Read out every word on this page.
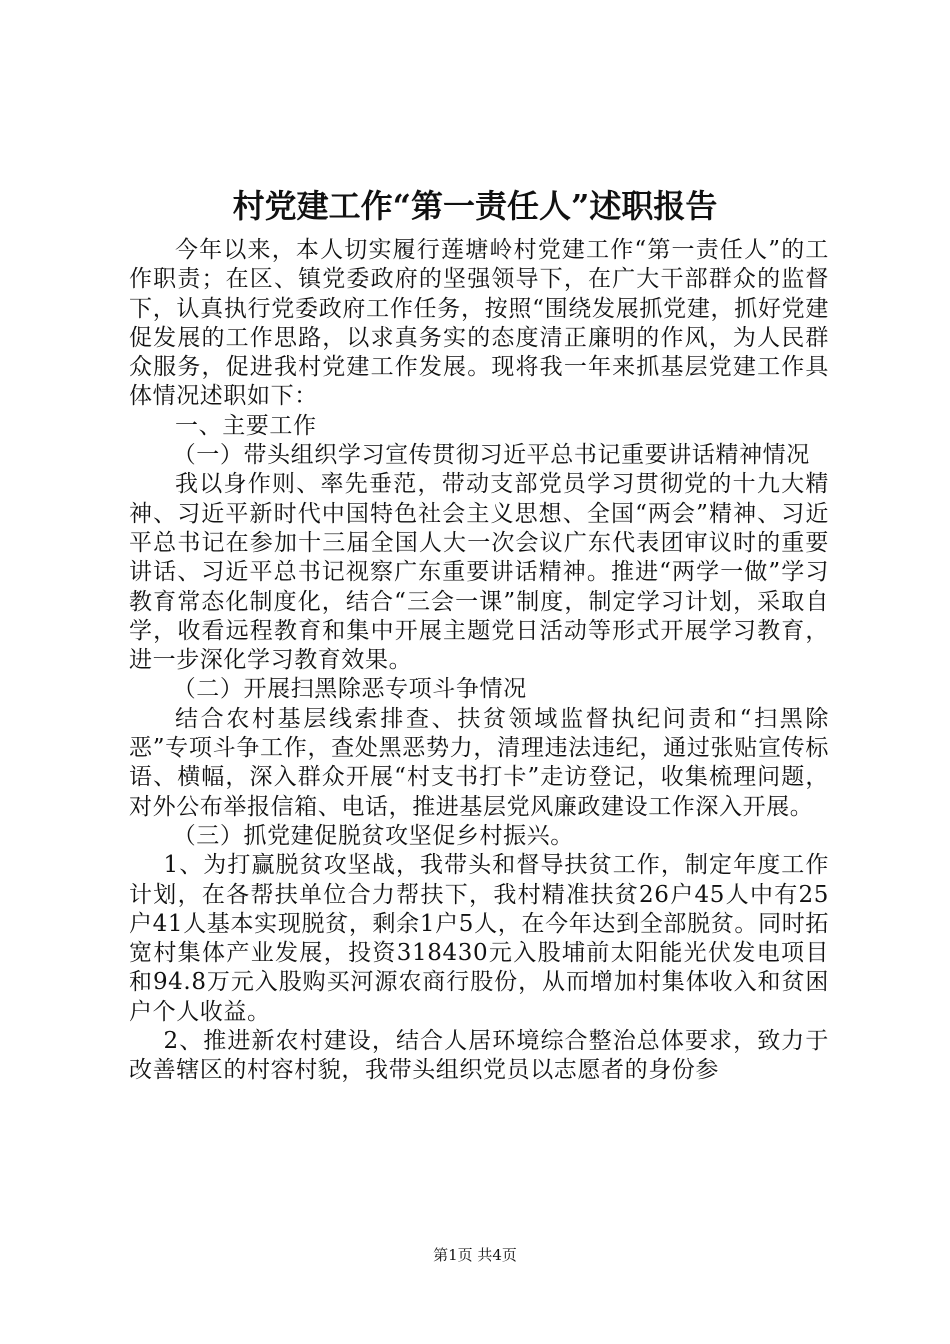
村党建工作“第一责任人”述职报告

今年以来，本人切实履行莲塘岭村党建工作“第一责任人”的工作职责；在区、镇党委政府的坚强领导下，在广大干部群众的监督下，认真执行党委政府工作任务，按照“围绕发展抓党建，抓好党建促发展的工作思路，以求真务实的态度清正廉明的作风，为人民群众服务，促进我村党建工作发展。现将我一年来抓基层党建工作具体情况述职如下：

一、主要工作

（一）带头组织学习宣传贯彻习近平总书记重要讲话精神情况

我以身作则、率先垂范，带动支部党员学习贯彻党的十九大精神、习近平新时代中国特色社会主义思想、全国“两会”精神、习近平总书记在参加十三届全国人大一次会议广东代表团审议时的重要讲话、习近平总书记视察广东重要讲话精神。推进“两学一做”学习教育常态化制度化，结合“三会一课”制度，制定学习计划，采取自学，收看远程教育和集中开展主题党日活动等形式开展学习教育，进一步深化学习教育效果。

（二）开展扫黑除恶专项斗争情况

结合农村基层线索排查、扶贫领域监督执纪问责和“扫黑除恶”专项斗争工作，查处黑恶势力，清理违法违纪，通过张贴宣传标语、横幅，深入群众开展“村支书打卡”走访登记，收集梳理问题，对外公布举报信箱、电话，推进基层党风廉政建设工作深入开展。

（三）抓党建促脱贫攻坚促乡村振兴。

1、为打赢脱贫攻坚战，我带头和督导扶贫工作，制定年度工作计划，在各帮扶单位合力帮扶下，我村精准扶贫26户45人中有25户41人基本实现脱贫，剩余1户5人，在今年达到全部脱贫。同时拓宽村集体产业发展，投资318430元入股埔前太阳能光伏发电项目和94.8万元入股购买河源农商行股份，从而增加村集体收入和贫困户个人收益。

2、推进新农村建设，结合人居环境综合整治总体要求，致力于改善辖区的村容村貌，我带头组织党员以志愿者的身份参

第1页 共4页
